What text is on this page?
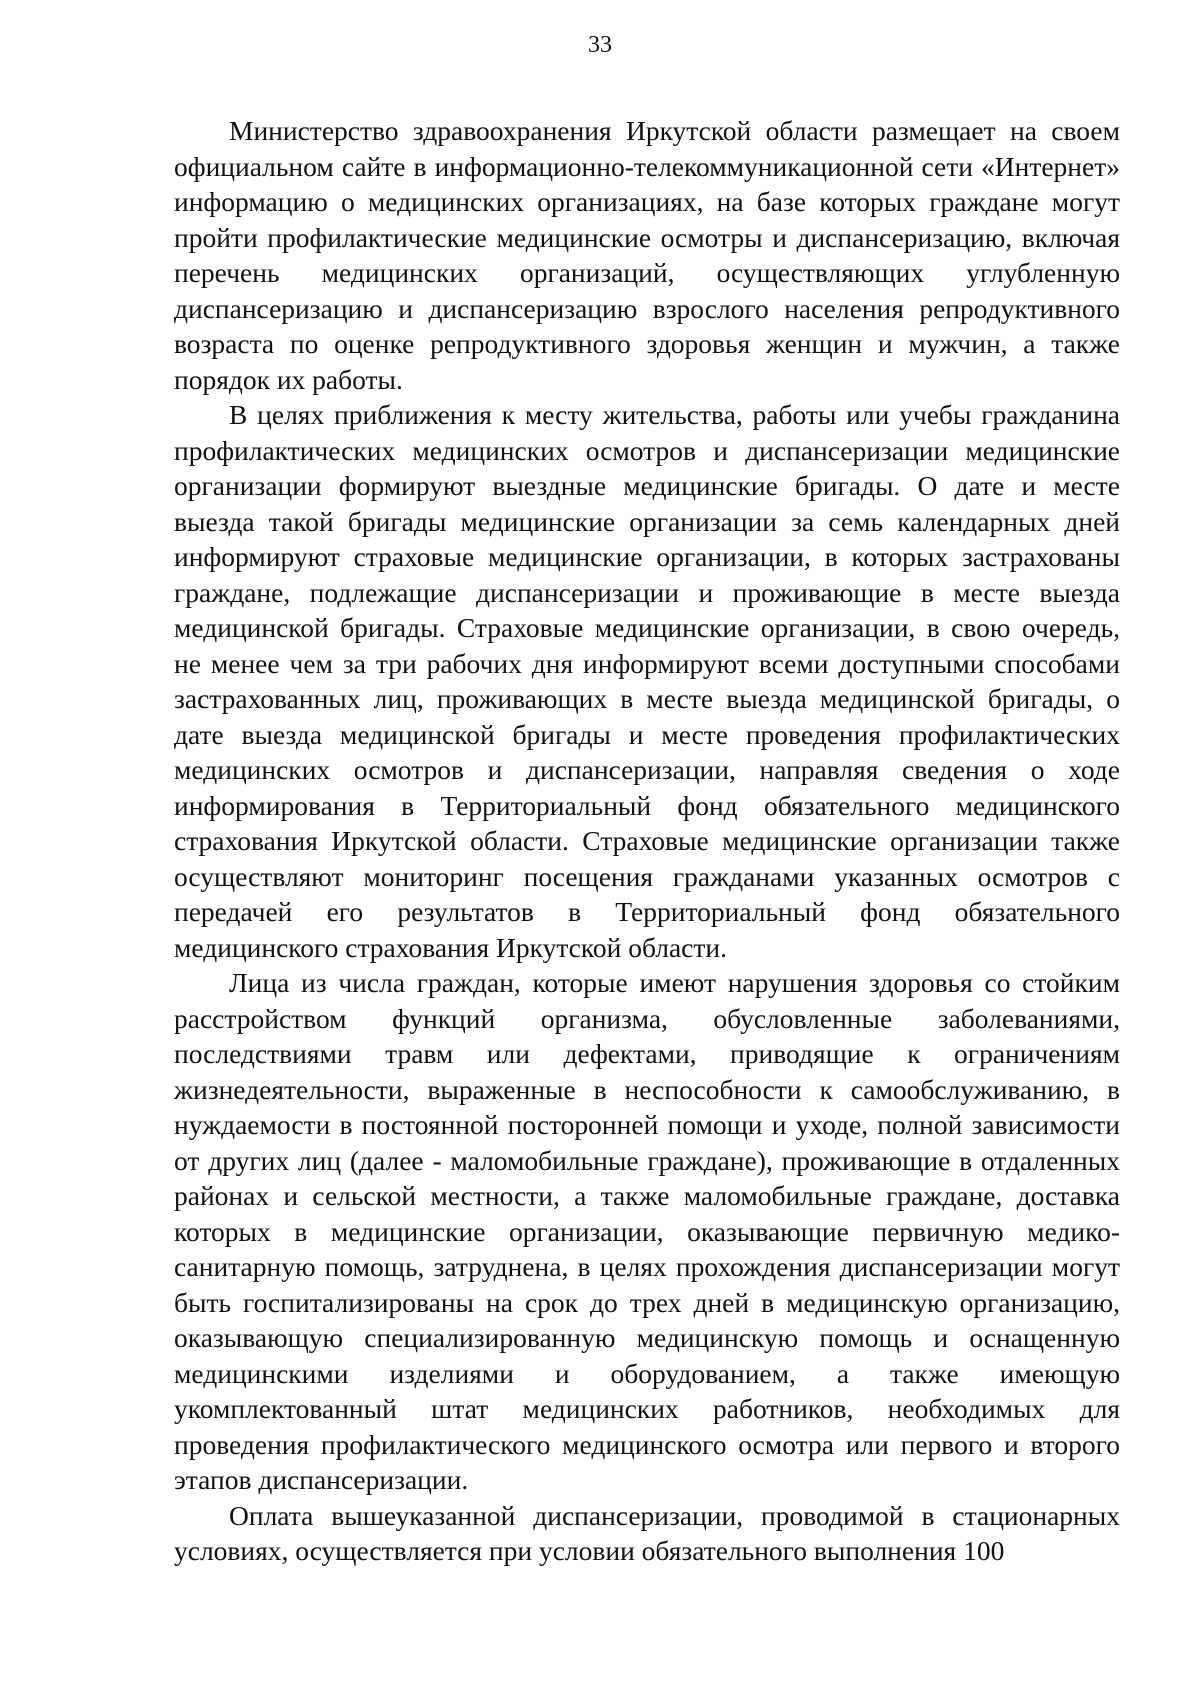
33

Министерство здравоохранения Иркутской области размещает на своем официальном сайте в информационно-телекоммуникационной сети «Интернет» информацию о медицинских организациях, на базе которых граждане могут пройти профилактические медицинские осмотры и диспансеризацию, включая перечень медицинских организаций, осуществляющих углубленную диспансеризацию и диспансеризацию взрослого населения репродуктивного возраста по оценке репродуктивного здоровья женщин и мужчин, а также порядок их работы.

В целях приближения к месту жительства, работы или учебы гражданина профилактических медицинских осмотров и диспансеризации медицинские организации формируют выездные медицинские бригады. О дате и месте выезда такой бригады медицинские организации за семь календарных дней информируют страховые медицинские организации, в которых застрахованы граждане, подлежащие диспансеризации и проживающие в месте выезда медицинской бригады. Страховые медицинские организации, в свою очередь, не менее чем за три рабочих дня информируют всеми доступными способами застрахованных лиц, проживающих в месте выезда медицинской бригады, о дате выезда медицинской бригады и месте проведения профилактических медицинских осмотров и диспансеризации, направляя сведения о ходе информирования в Территориальный фонд обязательного медицинского страхования Иркутской области. Страховые медицинские организации также осуществляют мониторинг посещения гражданами указанных осмотров с передачей его результатов в Территориальный фонд обязательного медицинского страхования Иркутской области.

Лица из числа граждан, которые имеют нарушения здоровья со стойким расстройством функций организма, обусловленные заболеваниями, последствиями травм или дефектами, приводящие к ограничениям жизнедеятельности, выраженные в неспособности к самообслуживанию, в нуждаемости в постоянной посторонней помощи и уходе, полной зависимости от других лиц (далее - маломобильные граждане), проживающие в отдаленных районах и сельской местности, а также маломобильные граждане, доставка которых в медицинские организации, оказывающие первичную медико-санитарную помощь, затруднена, в целях прохождения диспансеризации могут быть госпитализированы на срок до трех дней в медицинскую организацию, оказывающую специализированную медицинскую помощь и оснащенную медицинскими изделиями и оборудованием, а также имеющую укомплектованный штат медицинских работников, необходимых для проведения профилактического медицинского осмотра или первого и второго этапов диспансеризации.

Оплата вышеуказанной диспансеризации, проводимой в стационарных условиях, осуществляется при условии обязательного выполнения 100
